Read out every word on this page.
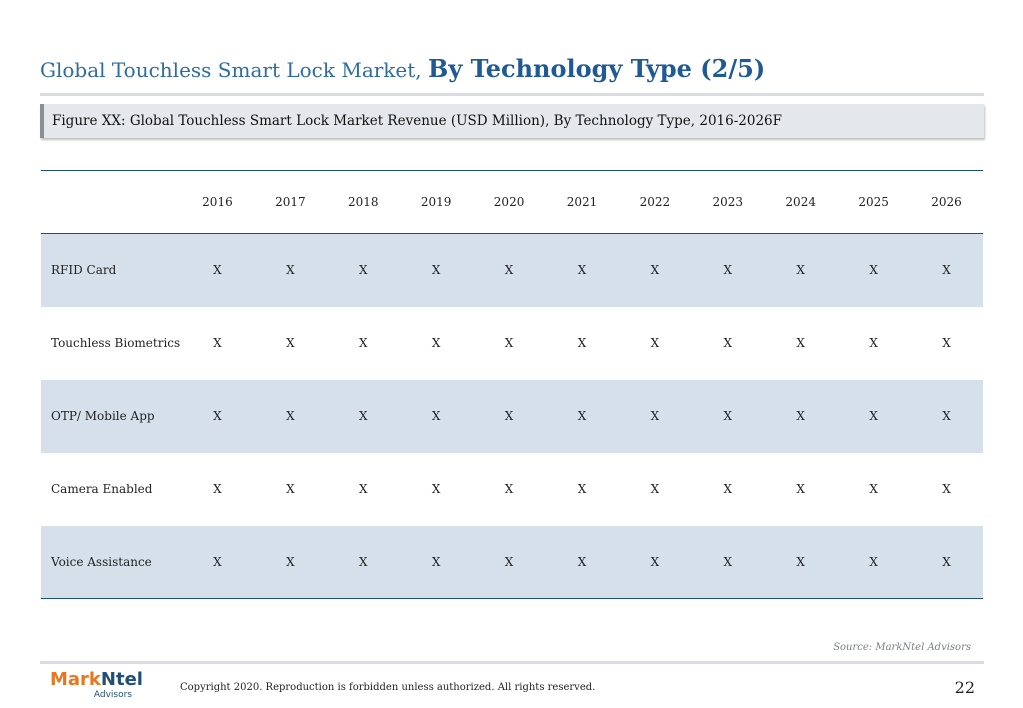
Global Touchless Smart Lock Market, By Technology Type (2/5)
Figure XX: Global Touchless Smart Lock Market Revenue (USD Million), By Technology Type, 2016-2026F
	2016	2017	2018	2019	2020	2021	2022	2023	2024	2025	2026
RFID Card	X	X	X	X	X	X	X	X	X	X	X
Touchless Biometrics	X	X	X	X	X	X	X	X	X	X	X
OTP/ Mobile App	X	X	X	X	X	X	X	X	X	X	X
Camera Enabled	X	X	X	X	X	X	X	X	X	X	X
Voice Assistance	X	X	X	X	X	X	X	X	X	X	X
Source: MarkNtel Advisors
MarkNtel
Advisors
Copyright 2020. Reproduction is forbidden unless authorized. All rights reserved.	22
